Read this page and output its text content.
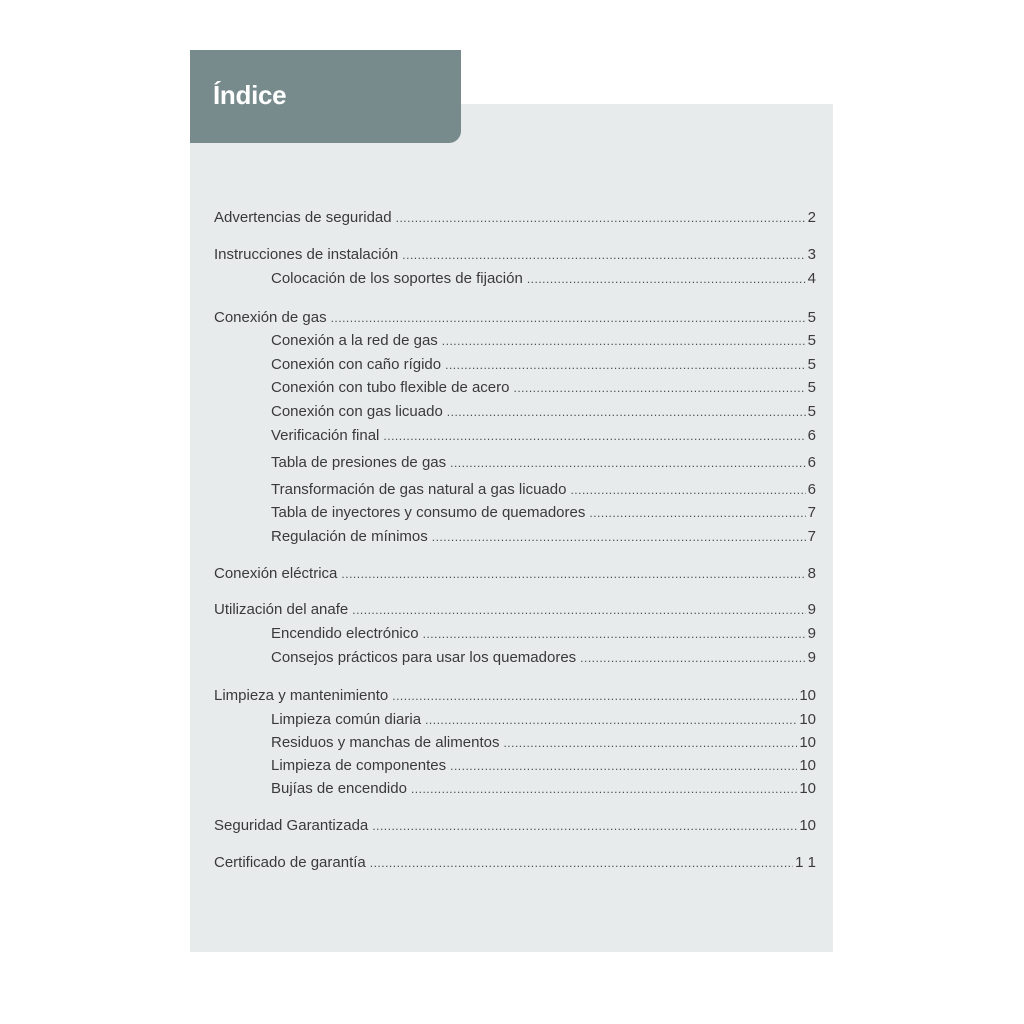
Índice
Advertencias de seguridad .....	2
Instrucciones de instalación .....	3
Colocación de los soportes de fijación .....	4
Conexión de gas .....	5
Conexión a la red de gas .....	5
Conexión con caño rígido .....	5
Conexión con tubo flexible de acero .....	5
Conexión con gas licuado .....	5
Verificación final .....	6
Tabla de presiones de gas .....	6
Transformación de gas natural a gas licuado .....	6
Tabla de inyectores y consumo de quemadores .....	7
Regulación de mínimos .....	7
Conexión eléctrica .....	8
Utilización del anafe .....	9
Encendido electrónico .....	9
Consejos prácticos para usar los quemadores .....	9
Limpieza y mantenimiento .....	10
Limpieza común diaria .....	10
Residuos y manchas de alimentos .....	10
Limpieza de componentes .....	10
Bujías de encendido .....	10
Seguridad Garantizada .....	10
Certificado de garantía .....	1 1
